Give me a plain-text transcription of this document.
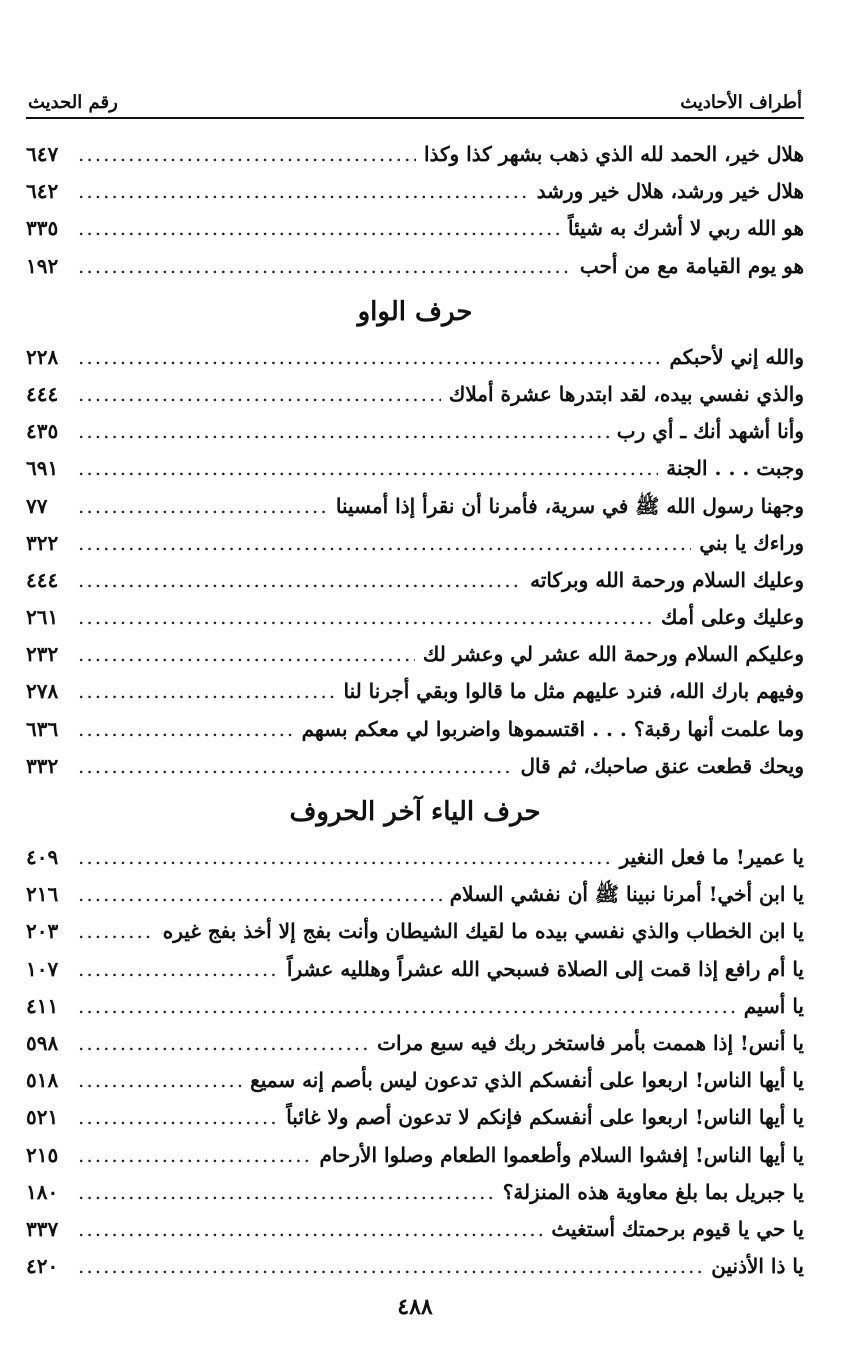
أطراف الأحاديث
رقم الحديث
هلال خير، الحمد لله الذي ذهب بشهر كذا وكذا
.....
٦٤٧
هلال خير ورشد، هلال خير ورشد
.....
٦٤٢
هو الله ربي لا أشرك به شيئاً
.....
٣٣٥
هو يوم القيامة مع من أحب
.....
١٩٢
حرف الواو
والله إني لأحبكم
.....
٢٢٨
والذي نفسي بيده، لقد ابتدرها عشرة أملاك
.....
٤٤٤
وأنا أشهد أنك ـ أي رب
.....
٤٣٥
وجبت . . . الجنة
.....
٦٩١
وجهنا رسول الله ﷺ في سرية، فأمرنا أن نقرأ إذا أمسينا
.....
٧٧
وراءك يا بني
.....
٣٢٢
وعليك السلام ورحمة الله وبركاته
.....
٤٤٤
وعليك وعلى أمك
.....
٢٦١
وعليكم السلام ورحمة الله عشر لي وعشر لك
.....
٢٣٢
وفيهم بارك الله، فنرد عليهم مثل ما قالوا وبقي أجرنا لنا
.....
٢٧٨
وما علمت أنها رقبة؟ . . . اقتسموها واضربوا لي معكم بسهم
.....
٦٣٦
ويحك قطعت عنق صاحبك، ثم قال
.....
٣٣٢
حرف الياء آخر الحروف
يا عمير! ما فعل النغير
.....
٤٠٩
يا ابن أخي! أمرنا نبينا ﷺ أن نفشي السلام
.....
٢١٦
يا ابن الخطاب والذي نفسي بيده ما لقيك الشيطان وأنت بفج إلا أخذ بفج غيره
.....
٢٠٣
يا أم رافع إذا قمت إلى الصلاة فسبحي الله عشراً وهلليه عشراً
.....
١٠٧
يا أسيم
.....
٤١١
يا أنس! إذا هممت بأمر فاستخر ربك فيه سبع مرات
.....
٥٩٨
يا أيها الناس! اربعوا على أنفسكم الذي تدعون ليس بأصم إنه سميع
.....
٥١٨
يا أيها الناس! اربعوا على أنفسكم فإنكم لا تدعون أصم ولا غائباً
.....
٥٢١
يا أيها الناس! إفشوا السلام وأطعموا الطعام وصلوا الأرحام
.....
٢١٥
يا جبريل بما بلغ معاوية هذه المنزلة؟
.....
١٨٠
يا حي يا قيوم برحمتك أستغيث
.....
٣٣٧
يا ذا الأذنين
.....
٤٢٠
٤٨٨
